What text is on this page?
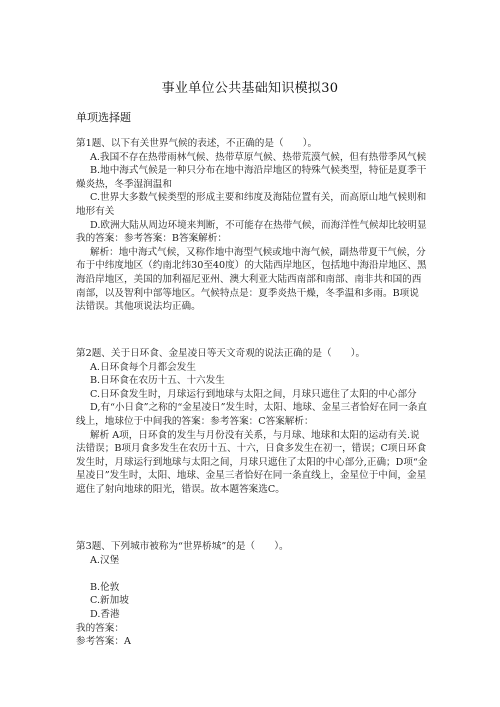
事业单位公共基础知识模拟30
单项选择题

第1题、以下有关世界气候的表述，不正确的是（　　）。

A.我国不存在热带雨林气候、热带草原气候、热带荒漠气候，但有热带季风气候

B.地中海式气候是一种只分布在地中海沿岸地区的特殊气候类型，特征是夏季干燥炎热，冬季湿润温和

C.世界大多数气候类型的形成主要和纬度及海陆位置有关，而高原山地气候则和地形有关

D.欧洲大陆从周边环境来判断，不可能存在热带气候，而海洋性气候却比较明显我的答案：参考答案：B答案解析：

解析：地中海式气候，又称作地中海型气候或地中海气候，副热带夏干气候，分布于中纬度地区（约南北纬30至40度）的大陆西岸地区，包括地中海沿岸地区、黑海沿岸地区，美国的加利福尼亚州、澳大利亚大陆西南部和南部、南非共和国的西南部，以及智利中部等地区。气候特点是：夏季炎热干燥，冬季温和多雨。B项说法错误。其他项说法均正确。

第2题、关于日环食、金星凌日等天文奇观的说法正确的是（　　）。

A.日环食每个月都会发生

B.日环食在农历十五、十六发生

C.日环食发生时，月球运行到地球与太阳之间，月球只遮住了太阳的中心部分

D,有“小日食”之称的“金星凌日”发生时，太阳、地球、金星三者恰好在同一条直线上，地球位于中间我的答案：参考答案：C答案解析：

解析 A项，日环食的发生与月份没有关系，与月球、地球和太阳的运动有关.说法错误；B项月食多发生在农历十五、十六，日食多发生在初一，错误；C项日环食发生时，月球运行到地球与太阳之间，月球只遮住了太阳的中心部分,正确；D项“金星凌日”发生时，太阳、地球、金星三者恰好在同一条直线上，金星位于中间，金星遮住了射向地球的阳光，错误。故本题答案选C。

第3题、下列城市被称为“世界桥城”的是（　　）。

A.汉堡

B.伦敦

C.新加坡

D.香港

我的答案：

参考答案：A
